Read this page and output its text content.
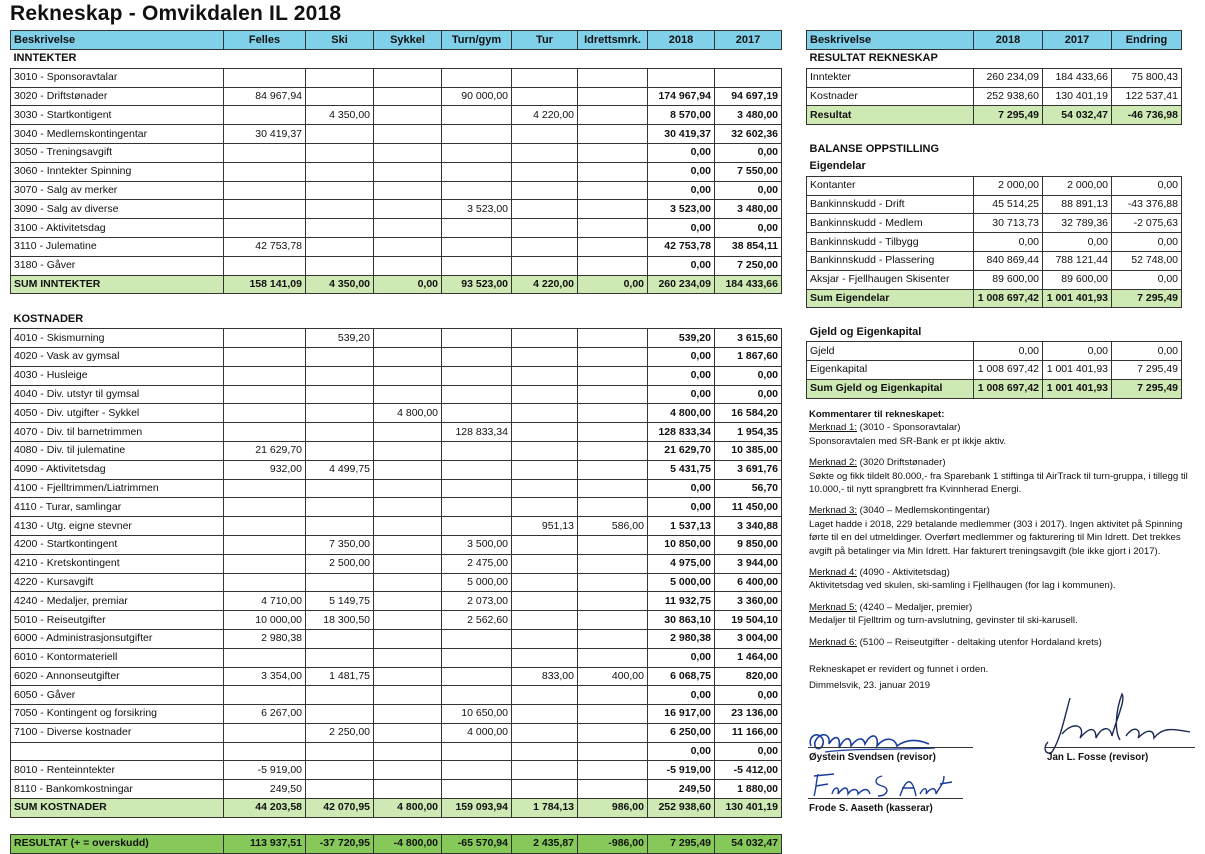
Rekneskap - Omvikdalen IL 2018
Beskrivelse	Felles	Ski	Sykkel	Turn/gym	Tur	Idrettsmrk.	2018	2017
INNTEKTER								
3010 - Sponsoravtalar								
3020 - Driftstønader	84 967,94			90 000,00			174 967,94	94 697,19
3030 - Startkontigent		4 350,00			4 220,00		8 570,00	3 480,00
3040 - Medlemskontingentar	30 419,37						30 419,37	32 602,36
3050 - Treningsavgift							0,00	0,00
3060 - Inntekter Spinning							0,00	7 550,00
3070 - Salg av merker							0,00	0,00
3090 - Salg av diverse				3 523,00			3 523,00	3 480,00
3100 - Aktivitetsdag							0,00	0,00
3110 - Julematine	42 753,78						42 753,78	38 854,11
3180 - Gåver							0,00	7 250,00
SUM INNTEKTER	158 141,09	4 350,00	0,00	93 523,00	4 220,00	0,00	260 234,09	184 433,66

KOSTNADER								
4010 - Skismurning		539,20					539,20	3 615,60
4020 - Vask av gymsal							0,00	1 867,60
4030 - Husleige							0,00	0,00
4040 - Div. utstyr til gymsal							0,00	0,00
4050 - Div. utgifter - Sykkel			4 800,00				4 800,00	16 584,20
4070 - Div. til barnetrimmen				128 833,34			128 833,34	1 954,35
4080 - Div. til julematine	21 629,70						21 629,70	10 385,00
4090 - Aktivitetsdag	932,00	4 499,75					5 431,75	3 691,76
4100 - Fjelltrimmen/Liatrimmen							0,00	56,70
4110 - Turar, samlingar							0,00	11 450,00
4130 - Utg. eigne stevner					951,13	586,00	1 537,13	3 340,88
4200 - Startkontingent		7 350,00		3 500,00			10 850,00	9 850,00
4210 - Kretskontingent		2 500,00		2 475,00			4 975,00	3 944,00
4220 - Kursavgift				5 000,00			5 000,00	6 400,00
4240 - Medaljer, premiar	4 710,00	5 149,75		2 073,00			11 932,75	3 360,00
5010 - Reiseutgifter	10 000,00	18 300,50		2 562,60			30 863,10	19 504,10
6000 - Administrasjonsutgifter	2 980,38						2 980,38	3 004,00
6010 - Kontormateriell							0,00	1 464,00
6020 - Annonseutgifter	3 354,00	1 481,75			833,00	400,00	6 068,75	820,00
6050 - Gåver							0,00	0,00
7050 - Kontingent og forsikring	6 267,00			10 650,00			16 917,00	23 136,00
7100 - Diverse kostnader		2 250,00		4 000,00			6 250,00	11 166,00
							0,00	0,00
8010 - Renteinntekter	-5 919,00						-5 919,00	-5 412,00
8110 - Bankomkostningar	249,50						249,50	1 880,00
SUM KOSTNADER	44 203,58	42 070,95	4 800,00	159 093,94	1 784,13	986,00	252 938,60	130 401,19

RESULTAT (+ = overskudd)	113 937,51	-37 720,95	-4 800,00	-65 570,94	2 435,87	-986,00	7 295,49	54 032,47
Beskrivelse	2018	2017	Endring
RESULTAT REKNESKAP			
Inntekter	260 234,09	184 433,66	75 800,43
Kostnader	252 938,60	130 401,19	122 537,41
Resultat	7 295,49	54 032,47	-46 736,98

BALANSE OPPSTILLING			
Eigendelar			
Kontanter	2 000,00	2 000,00	0,00
Bankinnskudd - Drift	45 514,25	88 891,13	-43 376,88
Bankinnskudd - Medlem	30 713,73	32 789,36	-2 075,63
Bankinnskudd - Tilbygg	0,00	0,00	0,00
Bankinnskudd - Plassering	840 869,44	788 121,44	52 748,00
Aksjar - Fjellhaugen Skisenter	89 600,00	89 600,00	0,00
Sum Eigendelar	1 008 697,42	1 001 401,93	7 295,49

Gjeld og Eigenkapital			
Gjeld	0,00	0,00	0,00
Eigenkapital	1 008 697,42	1 001 401,93	7 295,49
Sum Gjeld og Eigenkapital	1 008 697,42	1 001 401,93	7 295,49

Kommentarer til rekneskapet:

Merknad 1: (3010 - Sponsoravtalar)
Sponsoravtalen med SR-Bank er pt ikkje aktiv.

Merknad 2: (3020 Driftstønader)
Søkte og fikk tildelt 80.000,- fra Sparebank 1 stiftinga til AirTrack til turn-gruppa, i tillegg til 10.000,- til nytt sprangbrett fra Kvinnherad Energi.

Merknad 3: (3040 – Medlemskontingentar)
Laget hadde i 2018, 229 betalande medlemmer (303 i 2017). Ingen aktivitet på Spinning førte til en del utmeldinger. Overført medlemmer og fakturering til Min Idrett. Det trekkes avgift på betalinger via Min Idrett. Har fakturert treningsavgift (ble ikke gjort i 2017).

Merknad 4: (4090 - Aktivitetsdag)
Aktivitetsdag ved skulen, ski-samling i Fjellhaugen (for lag i kommunen).

Merknad 5: (4240 – Medaljer, premier)
Medaljer til Fjelltrim og turn-avslutning, gevinster til ski-karusell.

Merknad 6: (5100 – Reiseutgifter - deltaking utenfor Hordaland krets)

Rekneskapet er revidert og funnet i orden.

Dimmelsvik, 23. januar 2019

Øystein Svendsen (revisor)	Jan L. Fosse (revisor)
Frode S. Aaseth (kasserar)
